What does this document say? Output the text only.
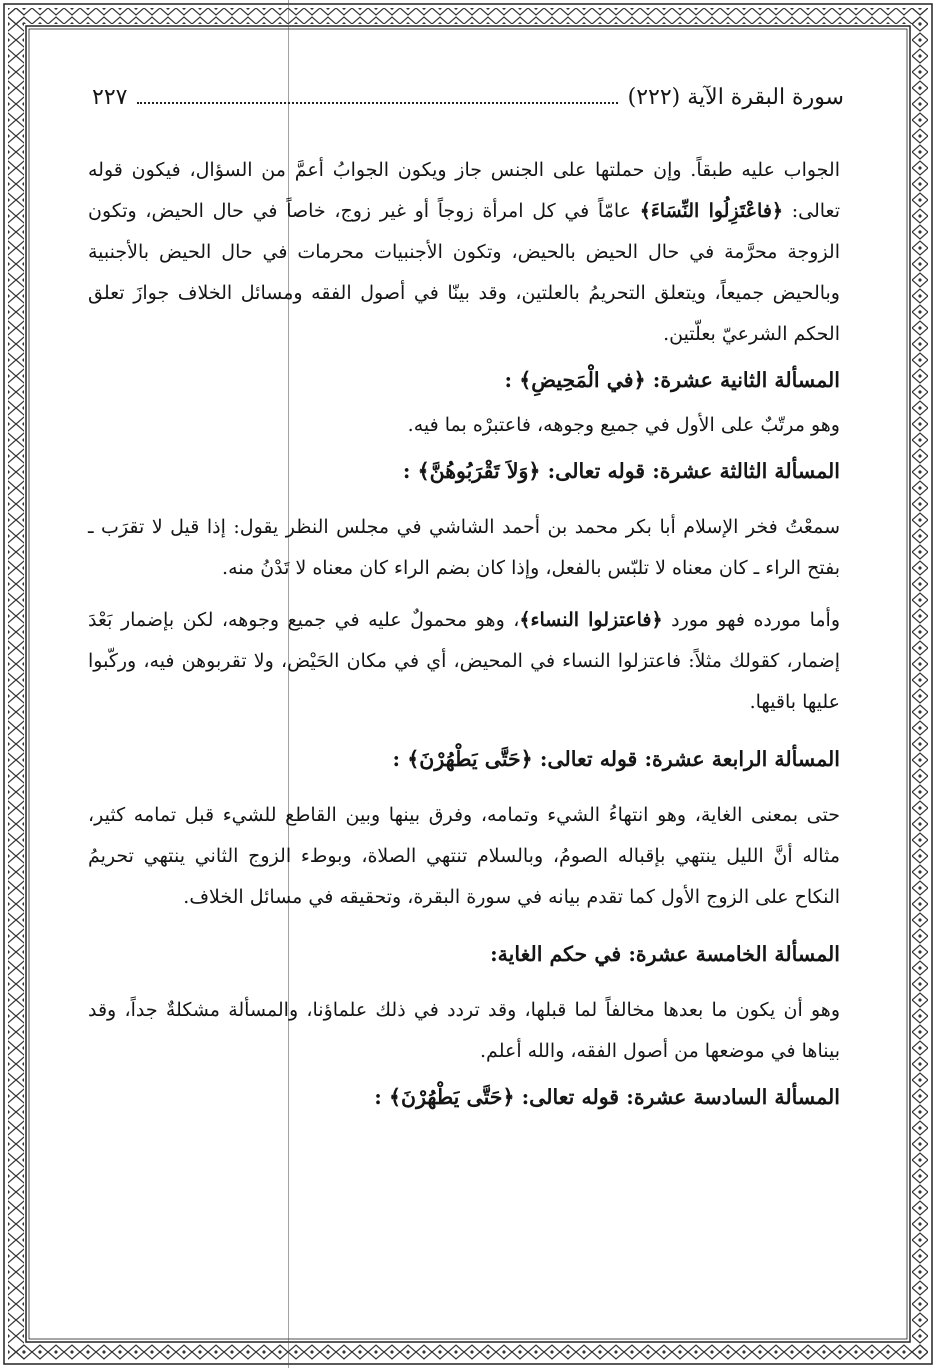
سورة البقرة الآية (٢٢٢)
٢٢٧

الجواب عليه طبقاً. وإن حملتها على الجنس جاز ويكون الجوابُ أعمَّ من السؤال، فيكون قوله تعالى: ﴿فاعْتَزِلُوا النِّسَاءَ﴾ عامّاً في كل امرأة زوجاً أو غير زوج، خاصاً في حال الحيض، وتكون الزوجة محرَّمة في حال الحيض بالحيض، وتكون الأجنبيات محرمات في حال الحيض بالأجنبية وبالحيض جميعاً، ويتعلق التحريمُ بالعلتين، وقد بينّا في أصول الفقه ومسائل الخلاف جوازَ تعلق الحكم الشرعيّ بعلّتين.

المسألة الثانية عشرة: ﴿في الْمَحِيضِ﴾ :

وهو مرتّبٌ على الأول في جميع وجوهه، فاعتبرْه بما فيه.

المسألة الثالثة عشرة: قوله تعالى: ﴿وَلاَ تَقْرَبُوهُنَّ﴾ :

سمعْتُ فخر الإسلام أبا بكر محمد بن أحمد الشاشي في مجلس النظر يقول: إذا قيل لا تقرَب ـ بفتح الراء ـ كان معناه لا تلبّس بالفعل، وإذا كان بضم الراء كان معناه لا تَدْنُ منه.

وأما مورده فهو مورد ﴿فاعتزلوا النساء﴾، وهو محمولٌ عليه في جميع وجوهه، لكن بإضمار بَعْدَ إضمار، كقولك مثلاً: فاعتزلوا النساء في المحيض، أي في مكان الحَيْض، ولا تقربوهن فيه، وركّبوا عليها باقيها.

المسألة الرابعة عشرة: قوله تعالى: ﴿حَتَّى يَطْهُرْنَ﴾ :

حتى بمعنى الغاية، وهو انتهاءُ الشيء وتمامه، وفرق بينها وبين القاطع للشيء قبل تمامه كثير، مثاله أنَّ الليل ينتهي بإقباله الصومُ، وبالسلام تنتهي الصلاة، وبوطء الزوج الثاني ينتهي تحريمُ النكاح على الزوج الأول كما تقدم بيانه في سورة البقرة، وتحقيقه في مسائل الخلاف.

المسألة الخامسة عشرة: في حكم الغاية:

وهو أن يكون ما بعدها مخالفاً لما قبلها، وقد تردد في ذلك علماؤنا، والمسألة مشكلةٌ جداً، وقد بيناها في موضعها من أصول الفقه، والله أعلم.

المسألة السادسة عشرة: قوله تعالى: ﴿حَتَّى يَطْهُرْنَ﴾ :
